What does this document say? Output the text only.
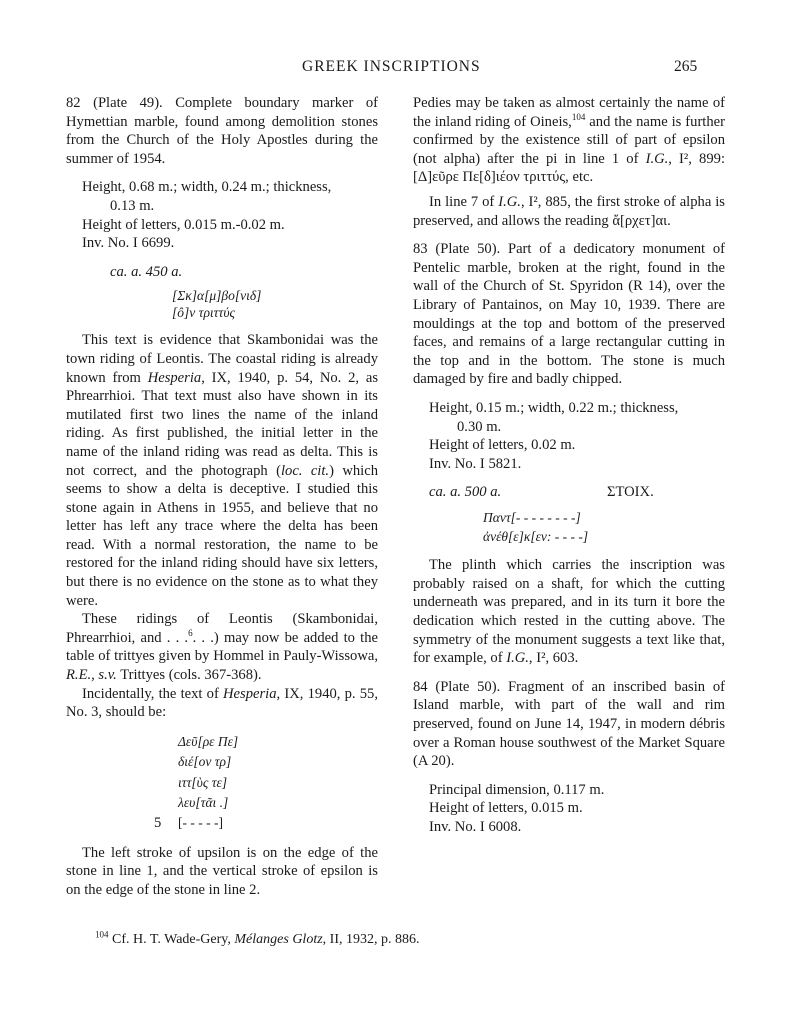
GREEK INSCRIPTIONS	265

82 (Plate 49). Complete boundary marker of Hymettian marble, found among demolition stones from the Church of the Holy Apostles during the summer of 1954.

Height, 0.68 m.; width, 0.24 m.; thickness,
0.13 m.
Height of letters, 0.015 m.-0.02 m.
Inv. No. I 6699.
ca. a. 450 a.
[Σκ]α[μ]βο[νιδ]
[ô]ν τριττύς

This text is evidence that Skambonidai was the town riding of Leontis. The coastal riding is already known from Hesperia, IX, 1940, p. 54, No. 2, as Phrearrhioi. That text must also have shown in its mutilated first two lines the name of the inland riding. As first published, the initial letter in the name of the inland riding was read as delta. This is not correct, and the photograph (loc. cit.) which seems to show a delta is deceptive. I studied this stone again in Athens in 1955, and believe that no letter has left any trace where the delta has been read. With a normal restoration, the name to be restored for the inland riding should have six letters, but there is no evidence on the stone as to what they were.

These ridings of Leontis (Skambonidai, Phrearrhioi, and . . .$^6$. . .) may now be added to the table of trittyes given by Hommel in Pauly-Wissowa, R.E., s.v. Trittyes (cols. 367-368).

Incidentally, the text of Hesperia, IX, 1940, p. 55, No. 3, should be:

Δεῦ[ρε Πε]
διέ[ον τρ]
ιττ[ὺς τε]
λευ[τᾶι .]
[- - - - -]
5

The left stroke of upsilon is on the edge of the stone in line 1, and the vertical stroke of epsilon is on the edge of the stone in line 2.

Pedies may be taken as almost certainly the name of the inland riding of Oineis,$^{104}$ and the name is further confirmed by the existence still of part of epsilon (not alpha) after the pi in line 1 of I.G., I², 899: [Δ]εῦρε Πε[δ]ιέον τριττύς, etc.

In line 7 of I.G., I², 885, the first stroke of alpha is preserved, and allows the reading ἄ[ρχετ]αι.

83 (Plate 50). Part of a dedicatory monument of Pentelic marble, broken at the right, found in the wall of the Church of St. Spyridon (R 14), over the Library of Pantainos, on May 10, 1939. There are mouldings at the top and bottom of the preserved faces, and remains of a large rectangular cutting in the top and in the bottom. The stone is much damaged by fire and badly chipped.

Height, 0.15 m.; width, 0.22 m.; thickness,
0.30 m.
Height of letters, 0.02 m.
Inv. No. I 5821.
ca. a. 500 a.	ΣΤΟΙΧ.
Παντ[- - - - - - - -]
ἀνέθ[ε]κ[εν: - - - -]

The plinth which carries the inscription was probably raised on a shaft, for which the cutting underneath was prepared, and in its turn it bore the dedication which rested in the cutting above. The symmetry of the monument suggests a text like that, for example, of I.G., I², 603.

84 (Plate 50). Fragment of an inscribed basin of Island marble, with part of the wall and rim preserved, found on June 14, 1947, in modern débris over a Roman house southwest of the Market Square (A 20).

Principal dimension, 0.117 m.
Height of letters, 0.015 m.
Inv. No. I 6008.
$^{104}$ Cf. H. T. Wade-Gery, Mélanges Glotz, II, 1932, p. 886.
